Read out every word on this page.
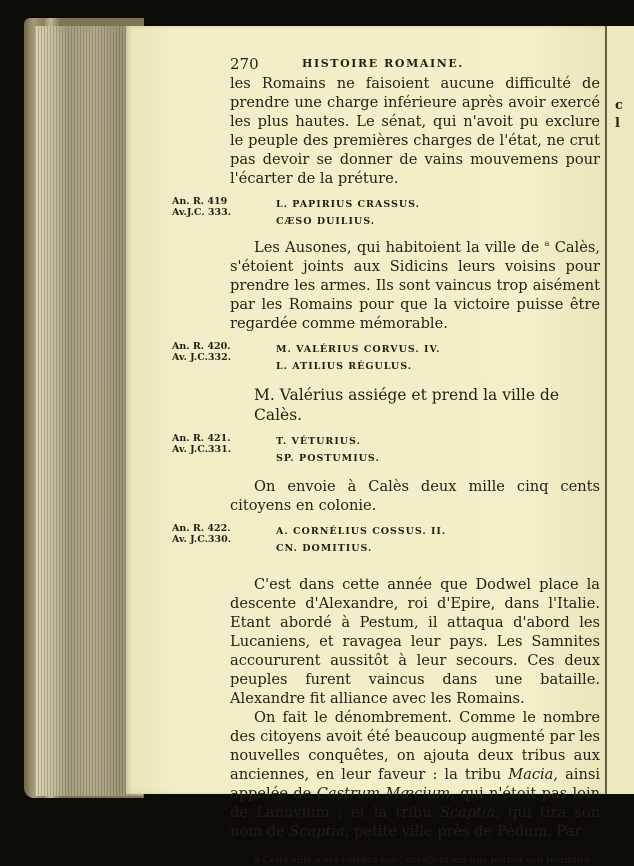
c
l
270	HISTOIRE ROMAINE.

les Romains ne faisoient aucune difficulté de prendre une charge inférieure après avoir exercé les plus hautes. Le sénat, qui n'avoit pu exclure le peuple des premières charges de l'état, ne crut pas devoir se donner de vains mouvemens pour l'écarter de la préture.

An. R. 419
Av.J.C. 333.
L. PAPIRIUS CRASSUS.
CÆSO DUILIUS.

Les Ausones, qui habitoient la ville de $^a$ Calès, s'étoient joints aux Sidicins leurs voisins pour prendre les armes. Ils sont vaincus trop aisément par les Romains pour que la victoire puisse être regardée comme mémorable.

An. R. 420.
Av. J.C.332.
M. VALÉRIUS CORVUS. IV.
L. ATILIUS RÉGULUS.

M. Valérius assiége et prend la ville de Calès.

An. R. 421.
Av. J.C.331.
T. VÉTURIUS.
SP. POSTUMIUS.

On envoie à Calès deux mille cinq cents citoyens en colonie.

An. R. 422.
Av. J.C.330.
A. CORNÉLIUS COSSUS. II.
CN. DOMITIUS.

C'est dans cette année que Dodwel place la descente d'Alexandre, roi d'Epire, dans l'Italie. Etant abordé à Pestum, il attaqua d'abord les Lucaniens, et ravagea leur pays. Les Samnites accoururent aussitôt à leur secours. Ces deux peuples furent vaincus dans une bataille. Alexandre fit alliance avec les Romains.

On fait le dénombrement. Comme le nombre des citoyens avoit été beaucoup augmenté par les nouvelles conquêtes, on ajouta deux tribus aux anciennes, en leur faveur : la tribu Macia, ainsi appelée de Castrum Mæcium, qui n'étoit pas loin de Lanuvium ; et la tribu Scaptia, qui tira son nom de Scaptia, petite ville près de Pédum. Par

a Cette ville a été célèbre par l'excellent vin que portoit son territoire.
